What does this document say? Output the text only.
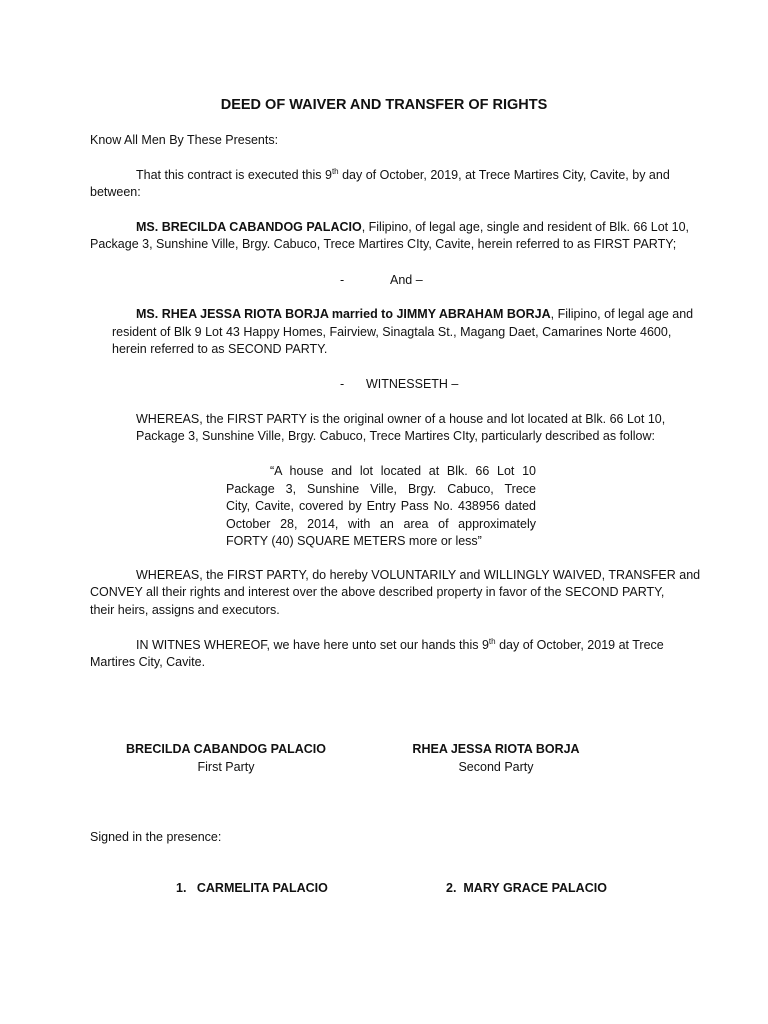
DEED OF WAIVER AND TRANSFER OF RIGHTS
Know All Men By These Presents:
That this contract is executed this 9th day of October, 2019, at Trece Martires City, Cavite, by and
between:
MS. BRECILDA CABANDOG PALACIO, Filipino, of legal age, single and resident of Blk. 66 Lot 10,
Package 3, Sunshine Ville, Brgy. Cabuco, Trece Martires CIty, Cavite, herein referred to as FIRST PARTY;
-	And –
MS. RHEA JESSA RIOTA BORJA married to JIMMY ABRAHAM BORJA, Filipino, of legal age and
resident of Blk 9 Lot 43 Happy Homes, Fairview, Sinagtala St., Magang Daet, Camarines Norte 4600,
herein referred to as SECOND PARTY.
- WITNESSETH –
WHEREAS, the FIRST PARTY is the original owner of a house and lot located at Blk. 66 Lot 10,
Package 3, Sunshine Ville, Brgy. Cabuco, Trece Martires CIty, particularly described as follow:
“A house and lot located at Blk. 66 Lot 10
Package 3, Sunshine Ville, Brgy. Cabuco, Trece
City, Cavite, covered by Entry Pass No. 438956 dated
October 28, 2014, with an area of approximately
FORTY (40) SQUARE METERS more or less”
WHEREAS, the FIRST PARTY, do hereby VOLUNTARILY and WILLINGLY WAIVED, TRANSFER and
CONVEY all their rights and interest over the above described property in favor of the SECOND PARTY,
their heirs, assigns and executors.
IN WITNES WHEREOF, we have here unto set our hands this 9th day of October, 2019 at Trece
Martires City, Cavite.
BRECILDA CABANDOG PALACIO
First Party
RHEA JESSA RIOTA BORJA
Second Party
Signed in the presence:
1. CARMELITA PALACIO	2. MARY GRACE PALACIO
